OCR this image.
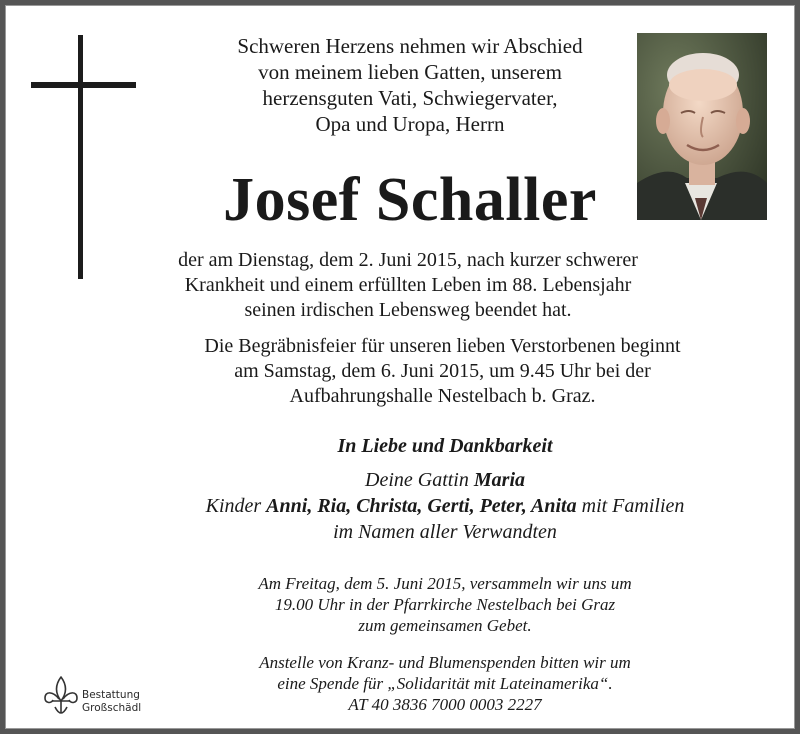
Schweren Herzens nehmen wir Abschied
von meinem lieben Gatten, unserem
herzensguten Vati, Schwiegervater,
Opa und Uropa, Herrn
Josef Schaller
der am Dienstag, dem 2. Juni 2015, nach kurzer schwerer
Krankheit und einem erfüllten Leben im 88. Lebensjahr
seinen irdischen Lebensweg beendet hat.
Die Begräbnisfeier für unseren lieben Verstorbenen beginnt
am Samstag, dem 6. Juni 2015, um 9.45 Uhr bei der
Aufbahrungshalle Nestelbach b. Graz.
In Liebe und Dankbarkeit
Deine Gattin Maria
Kinder Anni, Ria, Christa, Gerti, Peter, Anita mit Familien
im Namen aller Verwandten
Am Freitag, dem 5. Juni 2015, versammeln wir uns um
19.00 Uhr in der Pfarrkirche Nestelbach bei Graz
zum gemeinsamen Gebet.
Anstelle von Kranz- und Blumenspenden bitten wir um
eine Spende für „Solidarität mit Lateinamerika“.
AT 40 3836 7000 0003 2227
Bestattung
Großschädl
